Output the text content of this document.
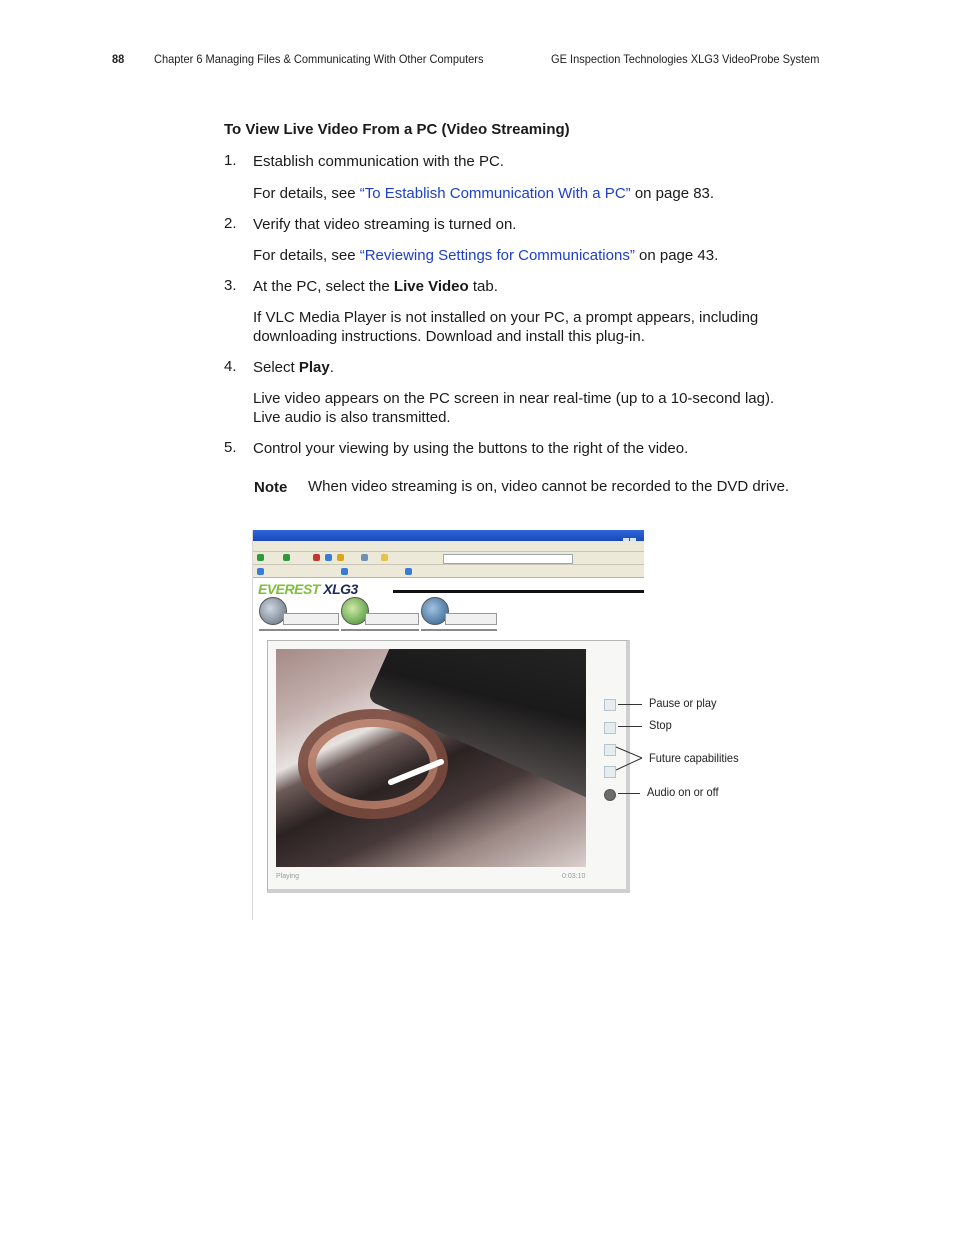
88 Chapter 6 Managing Files & Communicating With Other Computers	GE Inspection Technologies XLG3 VideoProbe System
To View Live Video From a PC (Video Streaming)
1. Establish communication with the PC.
For details, see “To Establish Communication With a PC” on page 83.
2. Verify that video streaming is turned on.
For details, see “Reviewing Settings for Communications” on page 43.
3. At the PC, select the Live Video tab.
If VLC Media Player is not installed on your PC, a prompt appears, including
downloading instructions. Download and install this plug-in.
4. Select Play.
Live video appears on the PC screen in near real-time (up to a 10-second lag).
Live audio is also transmitted.
5. Control your viewing by using the buttons to the right of the video.
Note When video streaming is on, video cannot be recorded to the DVD drive.
EVEREST XLG3
Playing	0:03:10
Pause or play
Stop
Future capabilities
Audio on or off
